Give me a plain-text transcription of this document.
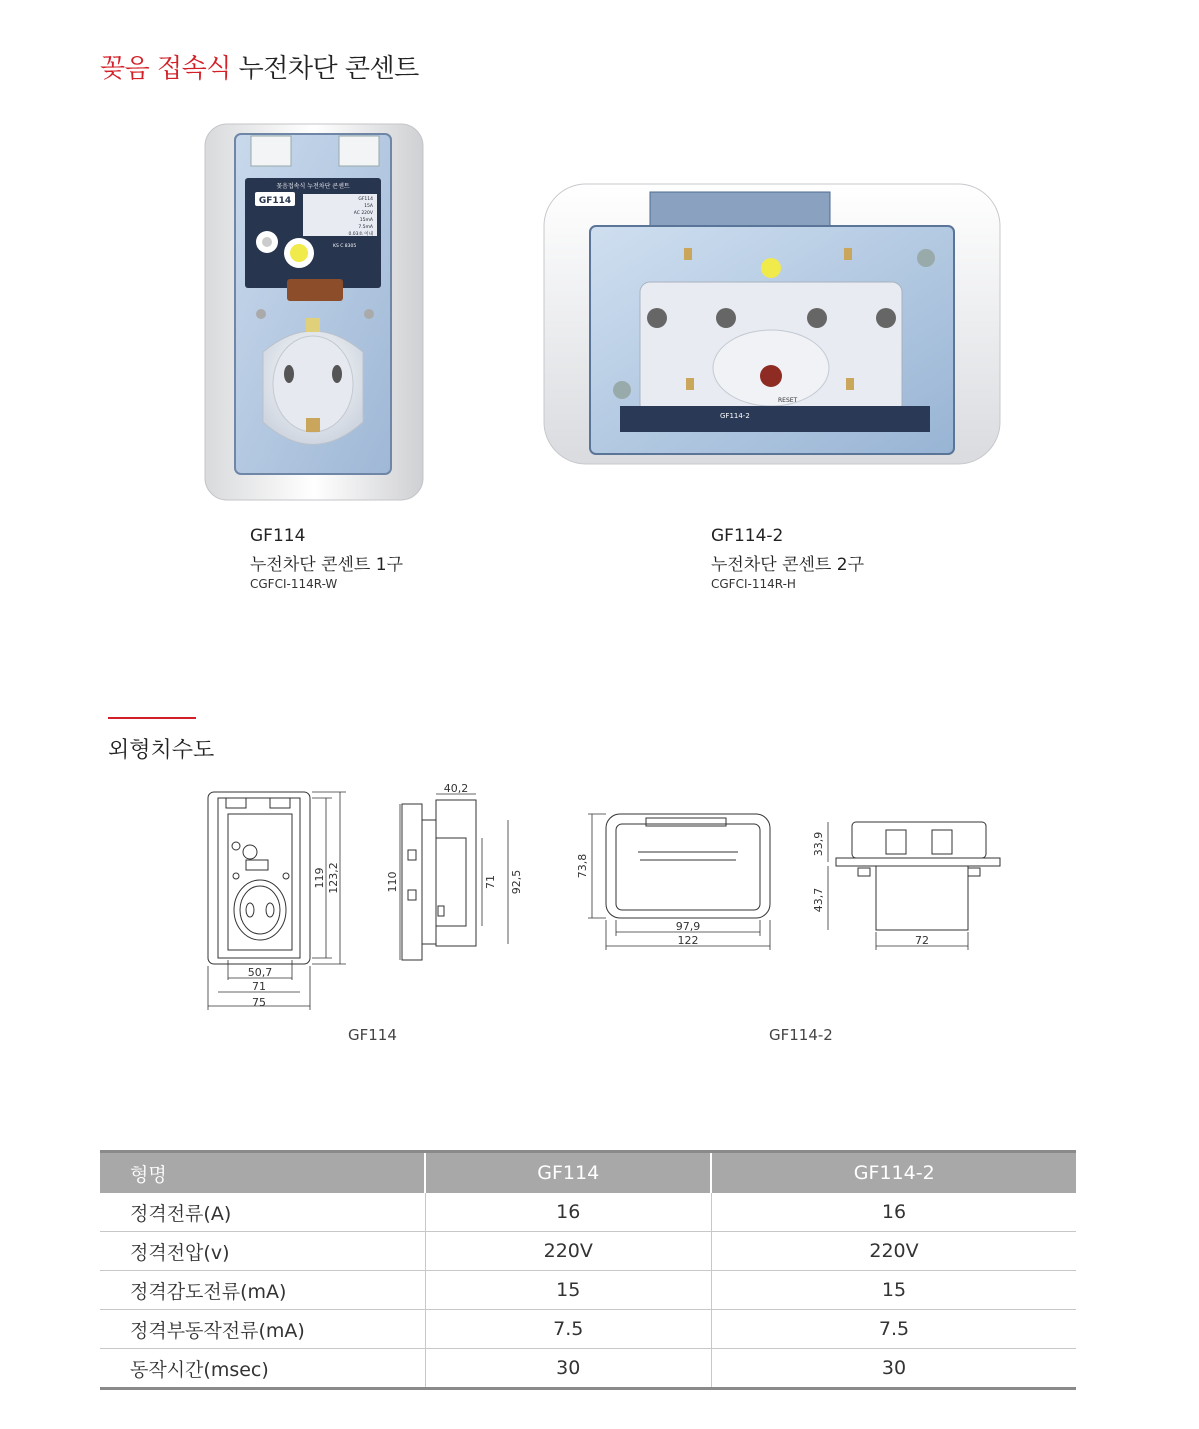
꽂음 접속식 누전차단 콘센트
꽂음접속식 누전차단 콘센트
GF114	GF114
15A
AC 220V
15mA
7.5mA
0.03초 이내
KS C 8305
RESET
GF114-2
GF114
누전차단 콘센트 1구
CGFCI-114R-W
GF114-2
누전차단 콘센트 2구
CGFCI-114R-H
외형치수도
50,7
71
75
119 123,2
40,2
110	71 92,5
GF114
73,8
97,9
122
33,9
43,7
72
GF114-2
형명	GF114	GF114-2
정격전류(A)	16	16
정격전압(v)	220V	220V
정격감도전류(mA)	15	15
정격부동작전류(mA)	7.5	7.5
동작시간(msec)	30	30
